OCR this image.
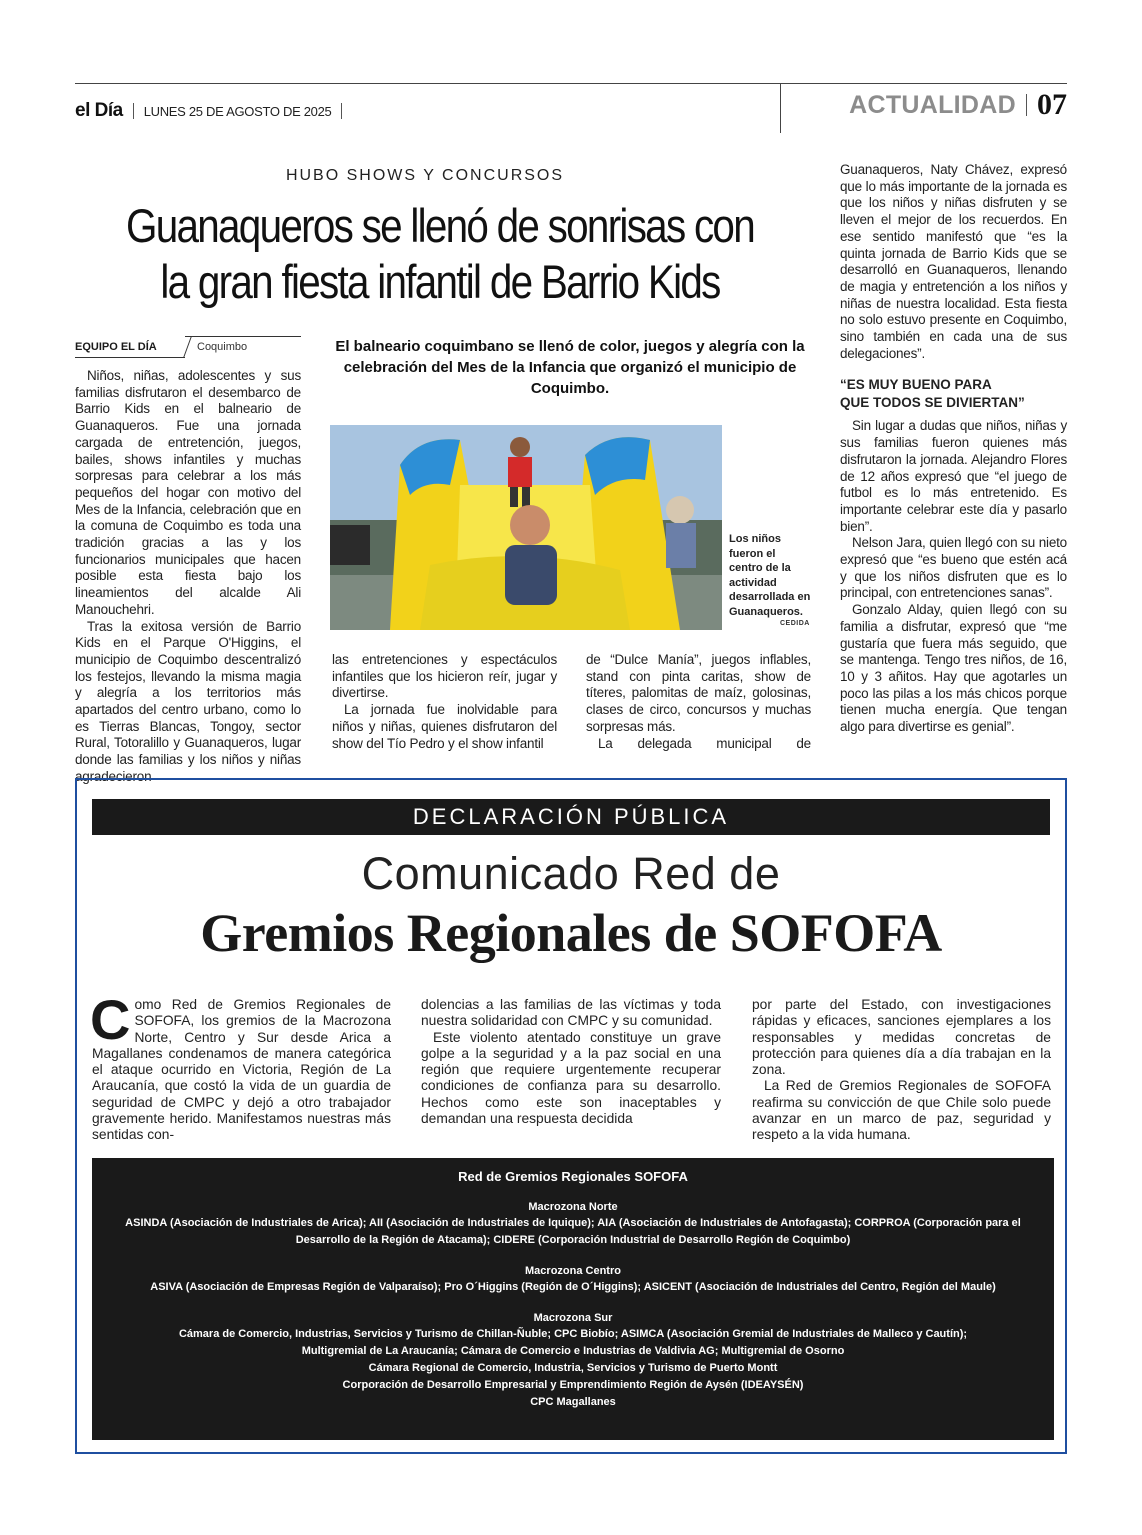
el Día LUNES 25 DE AGOSTO DE 2025	ACTUALIDAD 07
HUBO SHOWS Y CONCURSOS
Guanaqueros se llenó de sonrisas con
la gran fiesta infantil de Barrio Kids
EQUIPO EL DÍA	Coquimbo	El balneario coquimbano se llenó de color, juegos y alegría con la celebración del Mes de la Infancia que organizó el municipio de Coquimbo.

Niños, niñas, adolescentes y sus familias disfrutaron el desembarco de Barrio Kids en el balneario de Guanaqueros. Fue una jornada cargada de entretención, juegos, bailes, shows infantiles y muchas sorpresas para celebrar a los más pequeños del hogar con motivo del Mes de la Infancia, celebración que en la comuna de Coquimbo es toda una tradición gracias a las y los funcionarios municipales que hacen posible esta fiesta bajo los lineamientos del alcalde Ali Manouchehri.

Tras la exitosa versión de Barrio Kids en el Parque O'Higgins, el municipio de Coquimbo descentralizó los festejos, llevando la misma magia y alegría a los territorios más apartados del centro urbano, como lo es Tierras Blancas, Tongoy, sector Rural, Totoralillo y Guanaqueros, lugar donde las familias y los niños y niñas agradecieron

Los niños fueron el centro de la actividad desarrollada en Guanaqueros.
CEDIDA

las entretenciones y espectáculos infantiles que los hicieron reír, jugar y divertirse.

La jornada fue inolvidable para niños y niñas, quienes disfrutaron del show del Tío Pedro y el show infantil

de “Dulce Manía”, juegos inflables, stand con pinta caritas, show de títeres, palomitas de maíz, golosinas, clases de circo, concursos y muchas sorpresas más.

La delegada municipal de

Guanaqueros, Naty Chávez, expresó que lo más importante de la jornada es que los niños y niñas disfruten y se lleven el mejor de los recuerdos. En ese sentido manifestó que “es la quinta jornada de Barrio Kids que se desarrolló en Guanaqueros, llenando de magia y entretención a los niños y niñas de nuestra localidad. Esta fiesta no solo estuvo presente en Coquimbo, sino también en cada una de sus delegaciones”.

“ES MUY BUENO PARA
QUE TODOS SE DIVIERTAN”

Sin lugar a dudas que niños, niñas y sus familias fueron quienes más disfrutaron la jornada. Alejandro Flores de 12 años expresó que “el juego de futbol es lo más entretenido. Es importante celebrar este día y pasarlo bien”.

Nelson Jara, quien llegó con su nieto expresó que “es bueno que estén acá y que los niños disfruten que es lo principal, con entretenciones sanas”.

Gonzalo Alday, quien llegó con su familia a disfrutar, expresó que “me gustaría que fuera más seguido, que se mantenga. Tengo tres niños, de 16, 10 y 3 añitos. Hay que agotarles un poco las pilas a los más chicos porque tienen mucha energía. Que tengan algo para divertirse es genial”.

DECLARACIÓN PÚBLICA
Comunicado Red de
Gremios Regionales de SOFOFA

Como Red de Gremios Regionales de SOFOFA, los gremios de la Macrozona Norte, Centro y Sur desde Arica a Magallanes condenamos de manera categórica el ataque ocurrido en Victoria, Región de La Araucanía, que costó la vida de un guardia de seguridad de CMPC y dejó a otro trabajador gravemente herido. Manifestamos nuestras más sentidas con-

dolencias a las familias de las víctimas y toda nuestra solidaridad con CMPC y su comunidad.

Este violento atentado constituye un grave golpe a la seguridad y a la paz social en una región que requiere urgentemente recuperar condiciones de confianza para su desarrollo. Hechos como este son inaceptables y demandan una respuesta decidida

por parte del Estado, con investigaciones rápidas y eficaces, sanciones ejemplares a los responsables y medidas concretas de protección para quienes día a día trabajan en la zona.

La Red de Gremios Regionales de SOFOFA reafirma su convicción de que Chile solo puede avanzar en un marco de paz, seguridad y respeto a la vida humana.

Red de Gremios Regionales SOFOFA
Macrozona Norte
ASINDA (Asociación de Industriales de Arica); AII (Asociación de Industriales de Iquique); AIA (Asociación de Industriales de Antofagasta); CORPROA (Corporación para el Desarrollo de la Región de Atacama); CIDERE (Corporación Industrial de Desarrollo Región de Coquimbo)
Macrozona Centro
ASIVA (Asociación de Empresas Región de Valparaíso); Pro O´Higgins (Región de O´Higgins); ASICENT (Asociación de Industriales del Centro, Región del Maule)
Macrozona Sur
Cámara de Comercio, Industrias, Servicios y Turismo de Chillan-Ñuble; CPC Biobío; ASIMCA (Asociación Gremial de Industriales de Malleco y Cautín);
Multigremial de La Araucanía; Cámara de Comercio e Industrias de Valdivia AG; Multigremial de Osorno
Cámara Regional de Comercio, Industria, Servicios y Turismo de Puerto Montt
Corporación de Desarrollo Empresarial y Emprendimiento Región de Aysén (IDEAYSÉN)
CPC Magallanes
